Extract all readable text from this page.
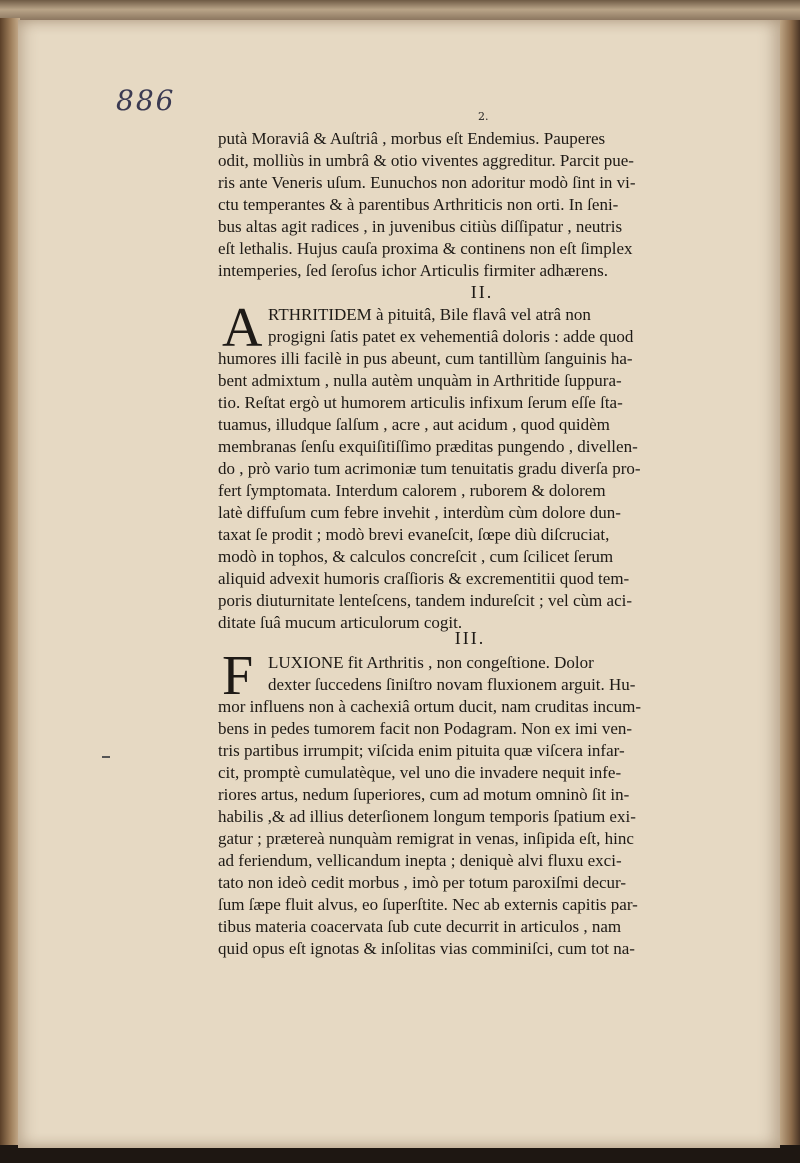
886	2.
putà Moraviâ & Auſtriâ , morbus eſt Endemius. Pauperes
odit, molliùs in umbrâ & otio viventes aggreditur. Parcit pue-
ris ante Veneris uſum. Eunuchos non adoritur modò ſint in vi-
ctu temperantes & à parentibus Arthriticis non orti. In ſeni-
bus altas agit radices , in juvenibus citiùs diſſipatur , neutris
eſt lethalis. Hujus cauſa proxima & continens non eſt ſimplex
intemperies, ſed ſeroſus ichor Articulis firmiter adhærens.
II.
A RTHRITIDEM à pituitâ, Bile flavâ vel atrâ non
progigni ſatis patet ex vehementiâ doloris : adde quod
humores illi facilè in pus abeunt, cum tantillùm ſanguinis ha-
bent admixtum , nulla autèm unquàm in Arthritide ſuppura-
tio. Reſtat ergò ut humorem articulis infixum ſerum eſſe ſta-
tuamus, illudque ſalſum , acre , aut acidum , quod quidèm
membranas ſenſu exquiſitiſſimo præditas pungendo , divellen-
do , prò vario tum acrimoniæ tum tenuitatis gradu diverſa pro-
fert ſymptomata. Interdum calorem , ruborem & dolorem
latè diffuſum cum febre invehit , interdùm cùm dolore dun-
taxat ſe prodit ; modò brevi evaneſcit, ſœpe diù diſcruciat,
modò in tophos, & calculos concreſcit , cum ſcilicet ſerum
aliquid advexit humoris craſſioris & excrementitii quod tem-
poris diuturnitate lenteſcens, tandem indureſcit ; vel cùm aci-
ditate ſuâ mucum articulorum cogit.
III.
F LUXIONE fit Arthritis , non congeſtione. Dolor
dexter ſuccedens ſiniſtro novam fluxionem arguit. Hu-
mor influens non à cachexiâ ortum ducit, nam cruditas incum-
bens in pedes tumorem facit non Podagram. Non ex imi ven-
tris partibus irrumpit; viſcida enim pituita quæ viſcera infar-
cit, promptè cumulatèque, vel uno die invadere nequit infe-
riores artus, nedum ſuperiores, cum ad motum omninò ſit in-
habilis ,& ad illius deterſionem longum temporis ſpatium exi-
gatur ; prætereà nunquàm remigrat in venas, inſipida eſt, hinc
ad feriendum, vellicandum inepta ; deniquè alvi fluxu exci-
tato non ideò cedit morbus , imò per totum paroxiſmi decur-
ſum ſæpe fluit alvus, eo ſuperſtite. Nec ab externis capitis par-
tibus materia coacervata ſub cute decurrit in articulos , nam
quid opus eſt ignotas & inſolitas vias comminiſci, cum tot na-
